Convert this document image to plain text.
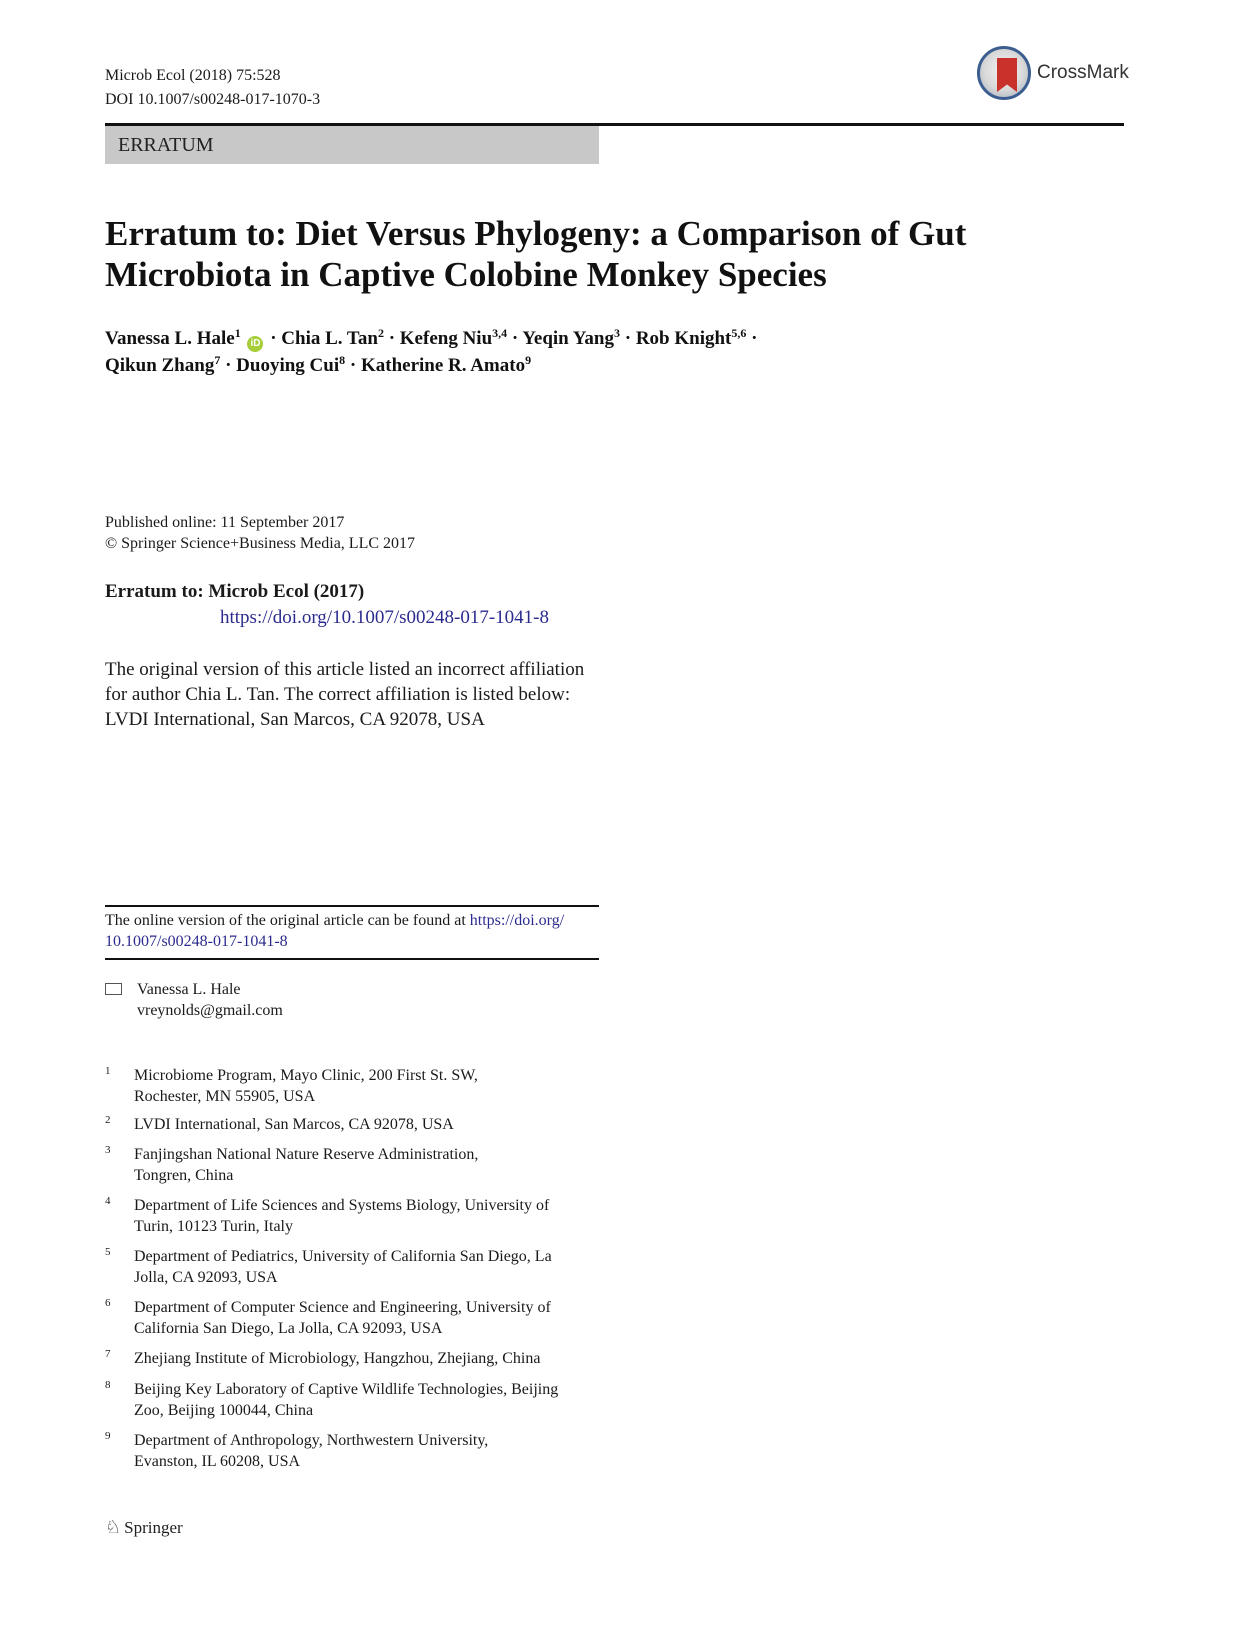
Microb Ecol (2018) 75:528
DOI 10.1007/s00248-017-1070-3
CrossMark
ERRATUM
Erratum to: Diet Versus Phylogeny: a Comparison of Gut
Microbiota in Captive Colobine Monkey Species
Vanessa L. Hale$^1$ iD · Chia L. Tan$^2$ · Kefeng Niu$^{3,4}$ · Yeqin Yang$^3$ · Rob Knight$^{5,6}$ ·
Qikun Zhang$^7$ · Duoying Cui$^8$ · Katherine R. Amato$^9$
Published online: 11 September 2017
© Springer Science+Business Media, LLC 2017
Erratum to: Microb Ecol (2017)
https://doi.org/10.1007/s00248-017-1041-8
The original version of this article listed an incorrect affiliation
for author Chia L. Tan. The correct affiliation is listed below:
LVDI International, San Marcos, CA 92078, USA
The online version of the original article can be found at https://doi.org/
10.1007/s00248-017-1041-8
Vanessa L. Hale
vreynolds@gmail.com
1 Microbiome Program, Mayo Clinic, 200 First St. SW,
Rochester, MN 55905, USA
2 LVDI International, San Marcos, CA 92078, USA
3 Fanjingshan National Nature Reserve Administration,
Tongren, China
4 Department of Life Sciences and Systems Biology, University of
Turin, 10123 Turin, Italy
5 Department of Pediatrics, University of California San Diego, La
Jolla, CA 92093, USA
6 Department of Computer Science and Engineering, University of
California San Diego, La Jolla, CA 92093, USA
7 Zhejiang Institute of Microbiology, Hangzhou, Zhejiang, China
8 Beijing Key Laboratory of Captive Wildlife Technologies, Beijing
Zoo, Beijing 100044, China
9 Department of Anthropology, Northwestern University,
Evanston, IL 60208, USA
♘ Springer
